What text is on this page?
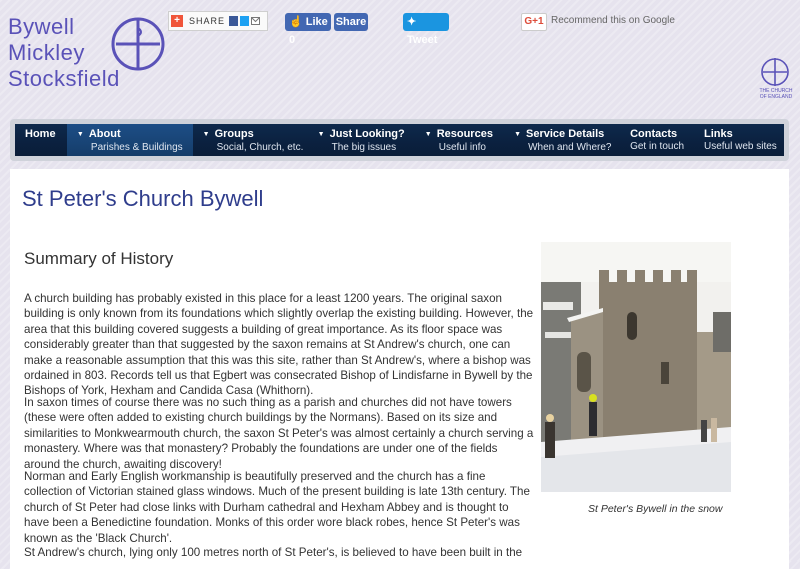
Bywell
Mickley
Stocksfield
+	SHARE	☝ Like 0
Share	✦ Tweet
G+1 Recommend this on Google
THE CHURCH OF ENGLAND
Home	▼ About
Parishes & Buildings
▼ Groups
Social, Church, etc.
▼ Just Looking?
The big issues
▼ Resources
Useful info
▼ Service Details
When and Where?
Contacts
Get in touch
Links
Useful web sites
St Peter's Church Bywell
Summary of History

A church building has probably existed in this place for a least 1200 years. The original saxon building is only known from its foundations which slightly overlap the existing building. However, the area that this building covered suggests a building of great importance. As its floor space was considerably greater than that suggested by the saxon remains at St Andrew's church, one can make a reasonable assumption that this was this site, rather than St Andrew's, where a bishop was ordained in 803. Records tell us that Egbert was consecrated Bishop of Lindisfarne in Bywell by the Bishops of York, Hexham and Candida Casa (Whithorn).

In saxon times of course there was no such thing as a parish and churches did not have towers (these were often added to existing church buildings by the Normans). Based on its size and similarities to Monkwearmouth church, the saxon St Peter's was almost certainly a church serving a monastery. Where was that monastery? Probably the foundations are under one of the fields around the church, awaiting discovery!

Norman and Early English workmanship is beautifully preserved and the church has a fine collection of Victorian stained glass windows. Much of the present building is late 13th century. The church of St Peter had close links with Durham cathedral and Hexham Abbey and is thought to have been a Benedictine foundation. Monks of this order wore black robes, hence St Peter's was known as the 'Black Church'.

St Andrew's church, lying only 100 metres north of St Peter's, is believed to have been built in the

St Peter's Bywell in the snow
